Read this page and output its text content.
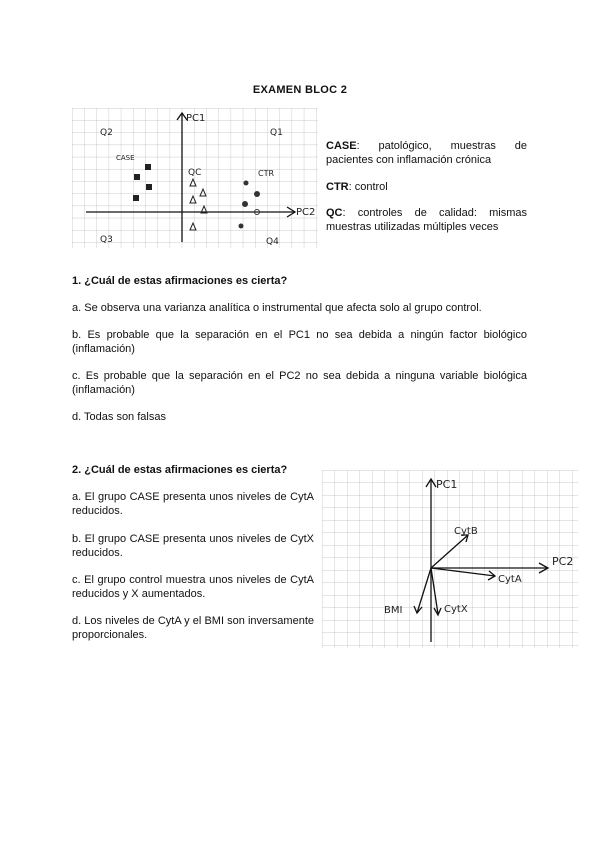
EXAMEN BLOC 2
PC1
PC2
Q2	Q1
Q3	Q4
CASE
QC	CTR
CASE: patológico, muestras de pacientes con inflamación crónica
CTR: control
QC: controles de calidad: mismas muestras utilizadas múltiples veces
1. ¿Cuál de estas afirmaciones es cierta?
a. Se observa una varianza analítica o instrumental que afecta solo al grupo control.
b. Es probable que la separación en el PC1 no sea debida a ningún factor biológico (inflamación)
c. Es probable que la separación en el PC2 no sea debida a ninguna variable biológica (inflamación)
d. Todas son falsas
2. ¿Cuál de estas afirmaciones es cierta?
a. El grupo CASE presenta unos niveles de CytA reducidos.
b. El grupo CASE presenta unos niveles de CytX reducidos.
c. El grupo control muestra unos niveles de CytA reducidos y X aumentados.
d. Los niveles de CytA y el BMI son inversamente proporcionales.
PC1
PC2
CytB
CytA
BMI	CytX
